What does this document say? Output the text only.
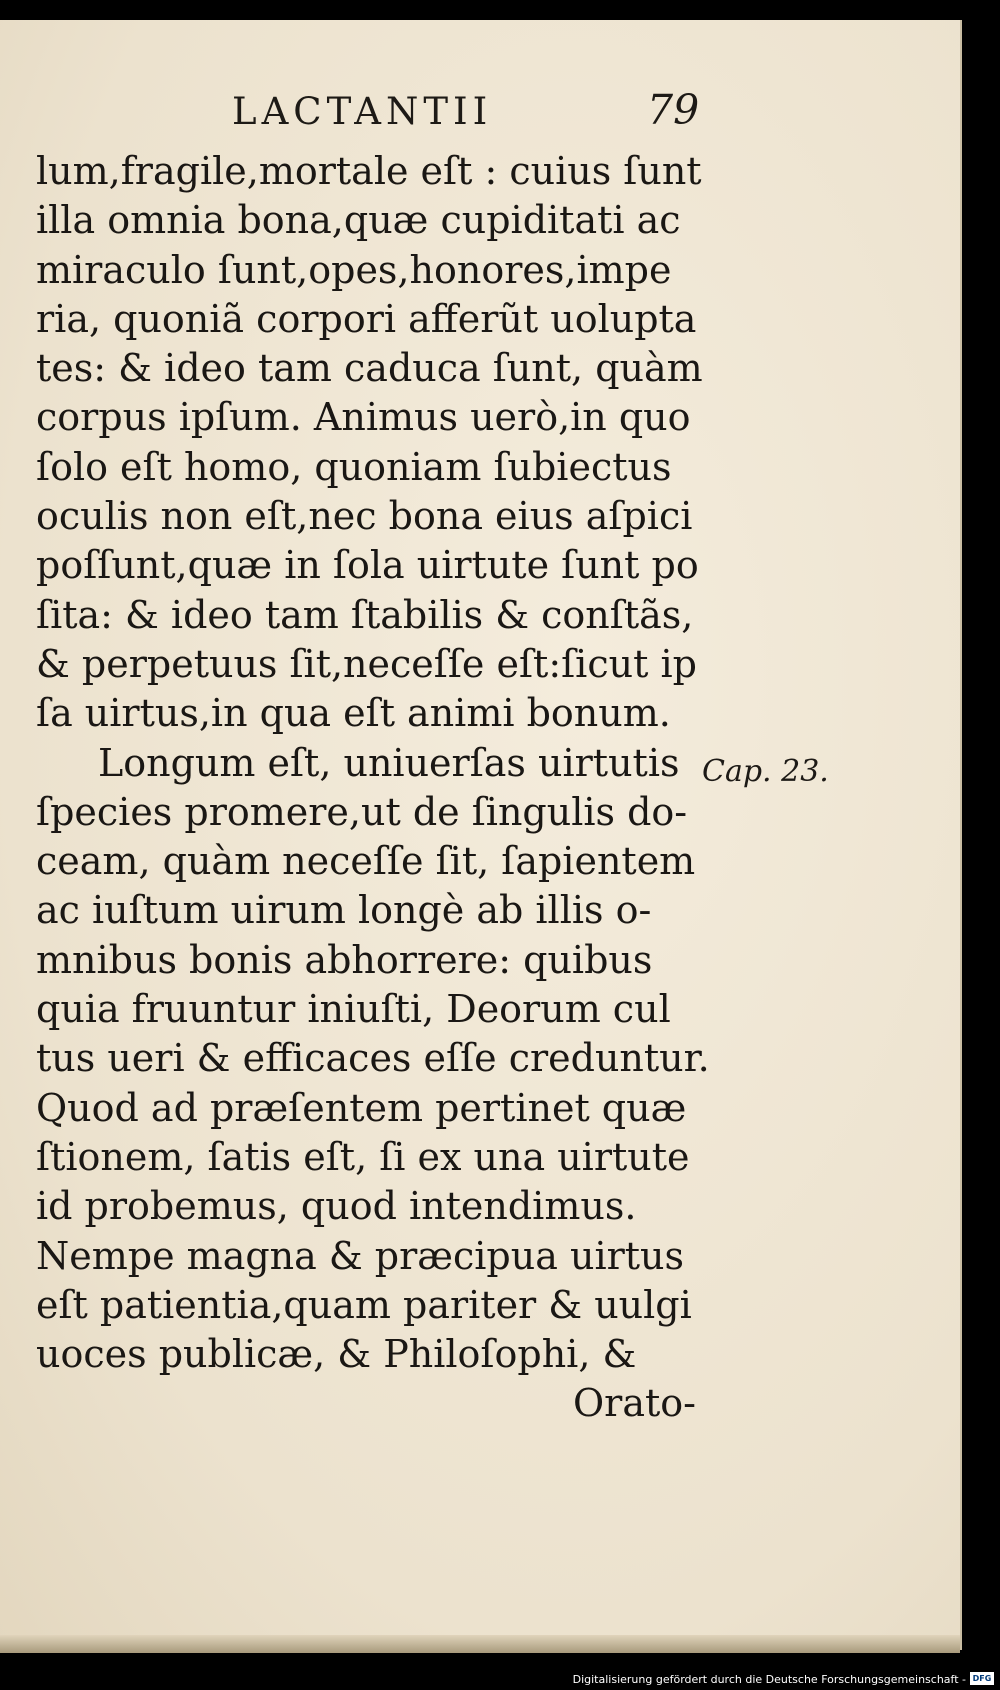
LACTANTII	79
lum,fragile,mortale eſt : cuius ſunt
illa omnia bona,quæ cupiditati ac
miraculo ſunt,opes,honores,impe
ria, quoniã corpori afferũt uolupta
tes: & ideo tam caduca ſunt, quàm
corpus ipſum. Animus uerò,in quo
ſolo eſt homo, quoniam ſubiectus
oculis non eſt,nec bona eius aſpici
poſſunt,quæ in ſola uirtute ſunt po
ſita: & ideo tam ſtabilis & conſtãs,
& perpetuus ſit,neceſſe eſt:ſicut ip
ſa uirtus,in qua eſt animi bonum.
Longum eſt, uniuerſas uirtutis
ſpecies promere,ut de ſingulis do-
ceam, quàm neceſſe ſit, ſapientem
ac iuſtum uirum longè ab illis o-
mnibus bonis abhorrere: quibus
quia fruuntur iniuſti, Deorum cul
tus ueri & efficaces eſſe creduntur.
Quod ad præſentem pertinet quæ
ſtionem, ſatis eſt, ſi ex una uirtute
id probemus, quod intendimus.
Nempe magna & præcipua uirtus
eſt patientia,quam pariter & uulgi
uoces publicæ, & Philoſophi, &
Orato-
Cap. 23.
Digitalisierung gefördert durch die Deutsche Forschungsgemeinschaft - DFG
